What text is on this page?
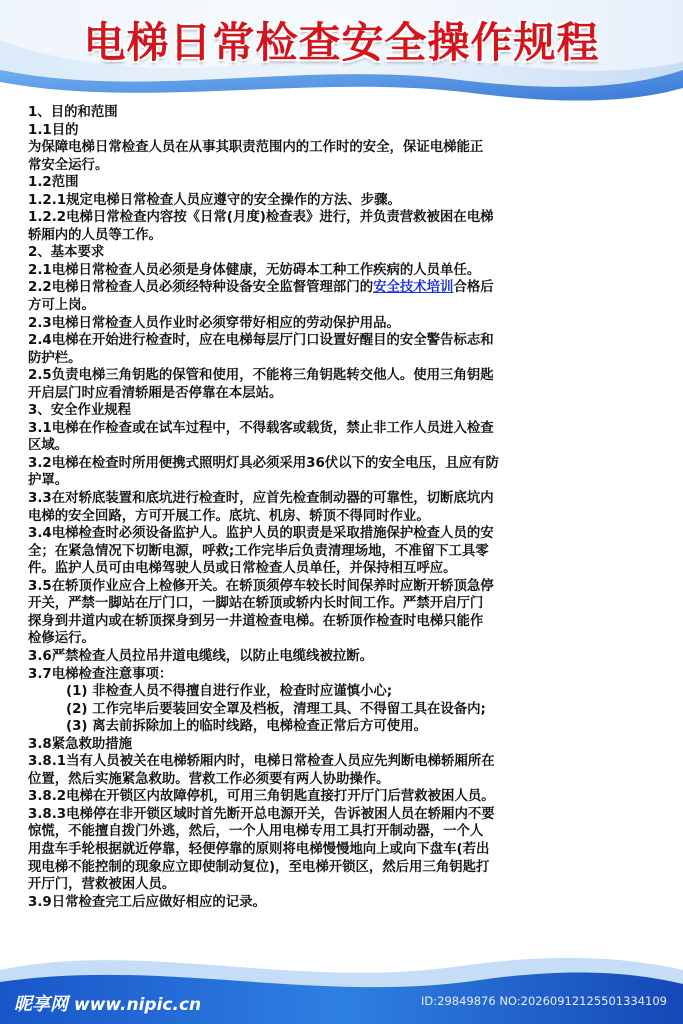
电梯日常检查安全操作规程

1、目的和范围

1.1目的

为保障电梯日常检查人员在从事其职责范围内的工作时的安全，保证电梯能正

常安全运行。

1.2范围

1.2.1规定电梯日常检查人员应遵守的安全操作的方法、步骤。

1.2.2电梯日常检查内容按《日常(月度)检查表》进行，并负责营救被困在电梯

轿厢内的人员等工作。

2、基本要求

2.1电梯日常检查人员必须是身体健康，无妨碍本工种工作疾病的人员单任。

2.2电梯日常检查人员必须经特种设备安全监督管理部门的安全技术培训合格后

方可上岗。

2.3电梯日常检查人员作业时必须穿带好相应的劳动保护用品。

2.4电梯在开始进行检查时，应在电梯每层厅门口设置好醒目的安全警告标志和

防护栏。

2.5负责电梯三角钥匙的保管和使用，不能将三角钥匙转交他人。使用三角钥匙

开启层门时应看清轿厢是否停靠在本层站。

3、安全作业规程

3.1电梯在作检查或在试车过程中，不得载客或载货，禁止非工作人员进入检查

区域。

3.2电梯在检查时所用便携式照明灯具必须采用36伏以下的安全电压，且应有防

护罩。

3.3在对轿底装置和底坑进行检查时，应首先检查制动器的可靠性，切断底坑内

电梯的安全回路，方可开展工作。底坑、机房、轿顶不得同时作业。

3.4电梯检查时必须设备监护人。监护人员的职责是采取措施保护检查人员的安

全；在紧急情况下切断电源，呼救;工作完毕后负责清理场地，不准留下工具零

件。监护人员可由电梯驾驶人员或日常检查人员单任，并保持相互呼应。

3.5在轿顶作业应合上检修开关。在轿顶须停车较长时间保养时应断开轿顶急停

开关，严禁一脚站在厅门口，一脚站在轿顶或轿内长时间工作。严禁开启厅门

探身到井道内或在轿顶探身到另一井道检查电梯。在轿顶作检查时电梯只能作

检修运行。

3.6严禁检查人员拉吊井道电缆线，以防止电缆线被拉断。

3.7电梯检查注意事项：

(1) 非检查人员不得擅自进行作业，检查时应谨慎小心;

(2) 工作完毕后要装回安全罩及档板，清理工具、不得留工具在设备内;

(3) 离去前拆除加上的临时线路，电梯检查正常后方可使用。

3.8紧急救助措施

3.8.1当有人员被关在电梯轿厢内时，电梯日常检查人员应先判断电梯轿厢所在

位置，然后实施紧急救助。营救工作必须要有两人协助操作。

3.8.2电梯在开锁区内故障停机，可用三角钥匙直接打开厅门后营救被困人员。

3.8.3电梯停在非开锁区域时首先断开总电源开关，告诉被困人员在轿厢内不要

惊慌，不能擅自拨门外逃，然后，一个人用电梯专用工具打开制动器，一个人

用盘车手轮根据就近停靠，轻便停靠的原则将电梯慢慢地向上或向下盘车(若出

现电梯不能控制的现象应立即使制动复位)，至电梯开锁区，然后用三角钥匙打

开厅门，营救被困人员。

3.9日常检查完工后应做好相应的记录。

昵享网 www.nipic.cn	ID:29849876 NO:20260912125501334109
